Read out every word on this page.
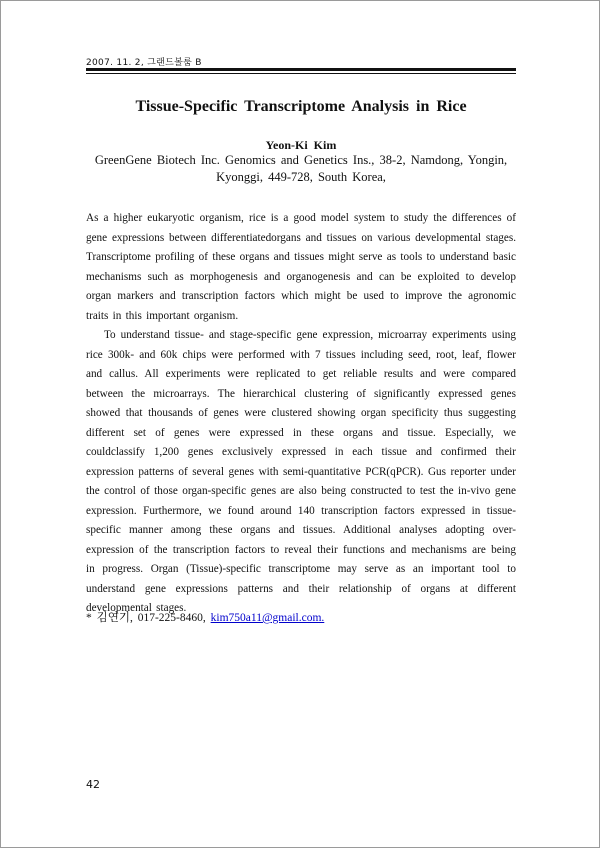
2007. 11. 2, 그랜드볼룸 B
Tissue-Specific Transcriptome Analysis in Rice
Yeon-Ki Kim
GreenGene Biotech Inc. Genomics and Genetics Ins., 38-2, Namdong, Yongin,
Kyonggi, 449-728, South Korea,

As a higher eukaryotic organism, rice is a good model system to study the differences of gene expressions between differentiatedorgans and tissues on various developmental stages. Transcriptome profiling of these organs and tissues might serve as tools to understand basic mechanisms such as morphogenesis and organogenesis and can be exploited to develop organ markers and transcription factors which might be used to improve the agronomic traits in this important organism.

To understand tissue- and stage-specific gene expression, microarray experiments using rice 300k- and 60k chips were performed with 7 tissues including seed, root, leaf, flower and callus. All experiments were replicated to get reliable results and were compared between the microarrays. The hierarchical clustering of significantly expressed genes showed that thousands of genes were clustered showing organ specificity thus suggesting different set of genes were expressed in these organs and tissue. Especially, we couldclassify 1,200 genes exclusively expressed in each tissue and confirmed their expression patterns of several genes with semi-quantitative PCR(qPCR). Gus reporter under the control of those organ-specific genes are also being constructed to test the in-vivo gene expression. Furthermore, we found around 140 transcription factors expressed in tissue-specific manner among these organs and tissues. Additional analyses adopting over-expression of the transcription factors to reveal their functions and mechanisms are being in progress. Organ (Tissue)-specific transcriptome may serve as an important tool to understand gene expressions patterns and their relationship of organs at different developmental stages.

* 김연기, 017-225-8460, kim750a11@gmail.com.
42
